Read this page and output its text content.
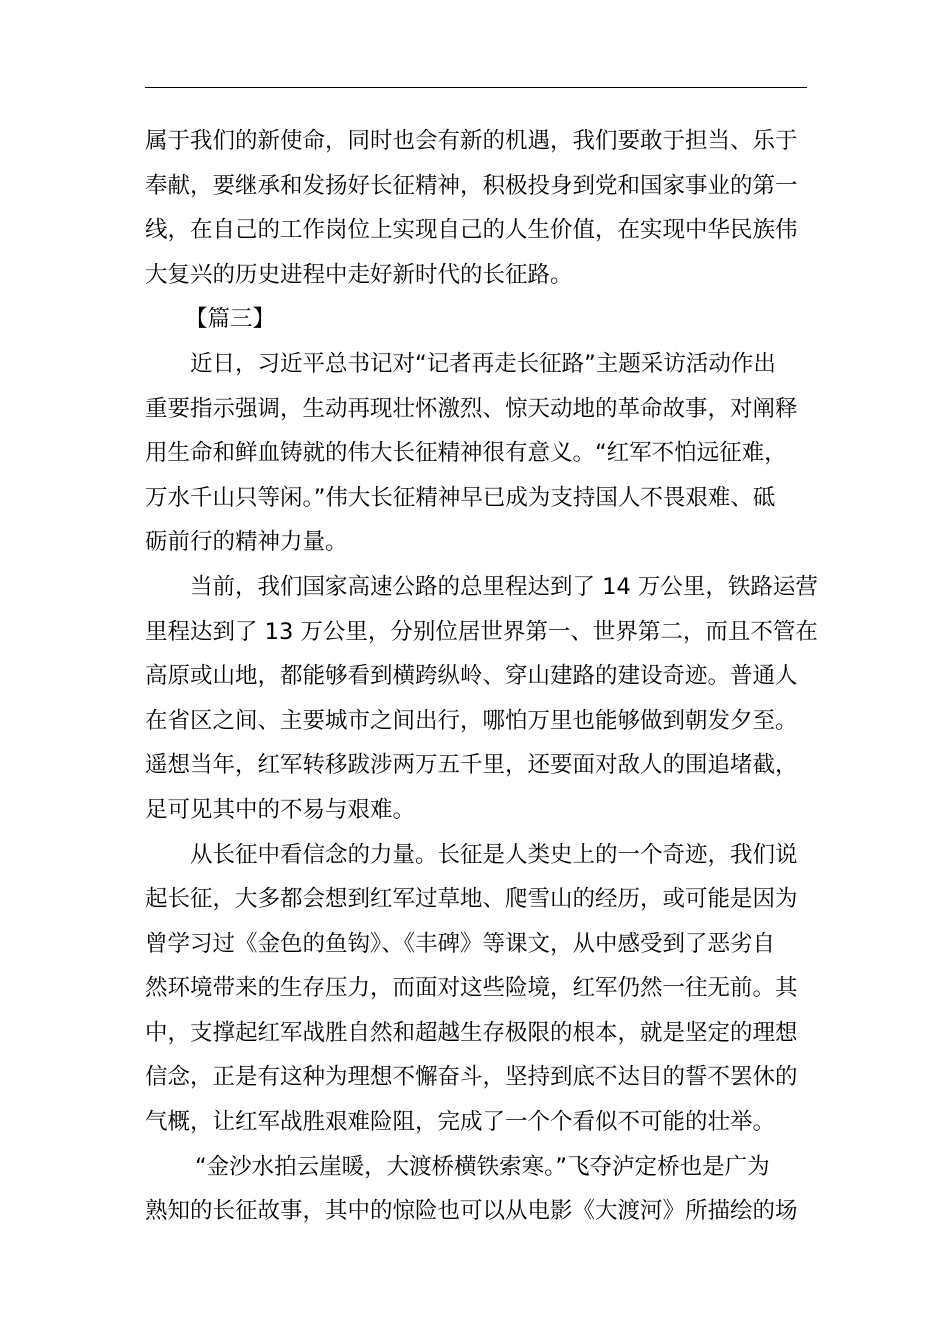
属于我们的新使命，同时也会有新的机遇，我们要敢于担当、乐于
奉献，要继承和发扬好长征精神，积极投身到党和国家事业的第一
线，在自己的工作岗位上实现自己的人生价值，在实现中华民族伟
大复兴的历史进程中走好新时代的长征路。
【篇三】
近日，习近平总书记对“记者再走长征路”主题采访活动作出
重要指示强调，生动再现壮怀激烈、惊天动地的革命故事，对阐释
用生命和鲜血铸就的伟大长征精神很有意义。“红军不怕远征难，
万水千山只等闲。”伟大长征精神早已成为支持国人不畏艰难、砥
砺前行的精神力量。
当前，我们国家高速公路的总里程达到了 14 万公里，铁路运营
里程达到了 13 万公里，分别位居世界第一、世界第二，而且不管在
高原或山地，都能够看到横跨纵岭、穿山建路的建设奇迹。普通人
在省区之间、主要城市之间出行，哪怕万里也能够做到朝发夕至。
遥想当年，红军转移跋涉两万五千里，还要面对敌人的围追堵截，
足可见其中的不易与艰难。
从长征中看信念的力量。长征是人类史上的一个奇迹，我们说
起长征，大多都会想到红军过草地、爬雪山的经历，或可能是因为
曾学习过《金色的鱼钩》、《丰碑》等课文，从中感受到了恶劣自
然环境带来的生存压力，而面对这些险境，红军仍然一往无前。其
中，支撑起红军战胜自然和超越生存极限的根本，就是坚定的理想
信念，正是有这种为理想不懈奋斗，坚持到底不达目的誓不罢休的
气概，让红军战胜艰难险阻，完成了一个个看似不可能的壮举。
“金沙水拍云崖暖，大渡桥横铁索寒。”飞夺泸定桥也是广为
熟知的长征故事，其中的惊险也可以从电影《大渡河》所描绘的场
